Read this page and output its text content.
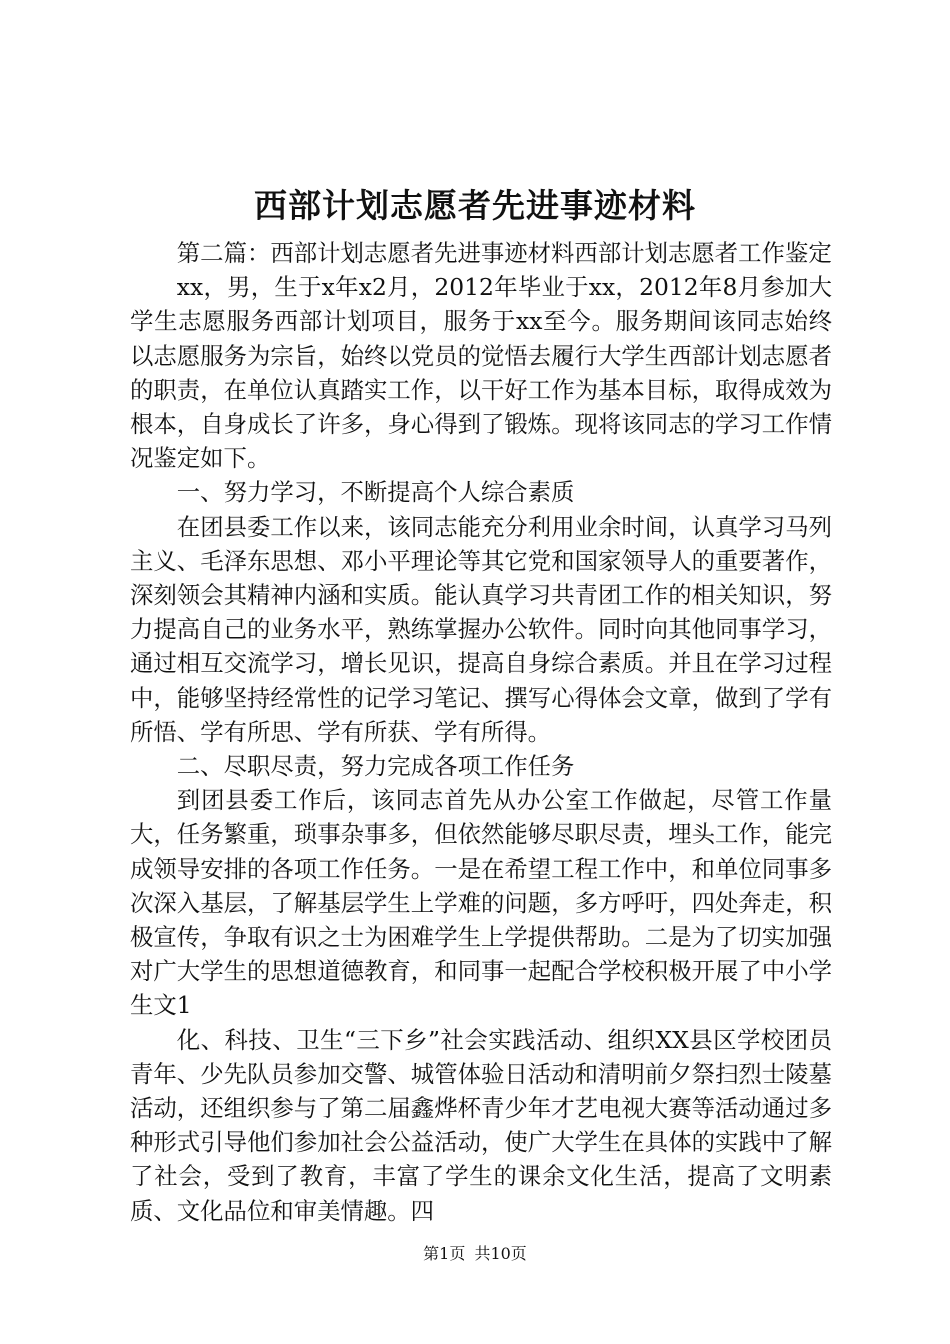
西部计划志愿者先进事迹材料

第二篇：西部计划志愿者先进事迹材料西部计划志愿者工作鉴定

xx，男，生于x年x2月，2012年毕业于xx，2012年8月参加大学生志愿服务西部计划项目，服务于xx至今。服务期间该同志始终以志愿服务为宗旨，始终以党员的觉悟去履行大学生西部计划志愿者的职责，在单位认真踏实工作，以干好工作为基本目标，取得成效为根本，自身成长了许多，身心得到了锻炼。现将该同志的学习工作情况鉴定如下。

一、努力学习，不断提高个人综合素质

在团县委工作以来，该同志能充分利用业余时间，认真学习马列主义、毛泽东思想、邓小平理论等其它党和国家领导人的重要著作，深刻领会其精神内涵和实质。能认真学习共青团工作的相关知识，努力提高自己的业务水平，熟练掌握办公软件。同时向其他同事学习，通过相互交流学习，增长见识，提高自身综合素质。并且在学习过程中，能够坚持经常性的记学习笔记、撰写心得体会文章，做到了学有所悟、学有所思、学有所获、学有所得。

二、尽职尽责，努力完成各项工作任务

到团县委工作后，该同志首先从办公室工作做起，尽管工作量大，任务繁重，琐事杂事多，但依然能够尽职尽责，埋头工作，能完成领导安排的各项工作任务。一是在希望工程工作中，和单位同事多次深入基层，了解基层学生上学难的问题，多方呼吁，四处奔走，积极宣传，争取有识之士为困难学生上学提供帮助。二是为了切实加强对广大学生的思想道德教育，和同事一起配合学校积极开展了中小学生文1

化、科技、卫生“三下乡”社会实践活动、组织XX县区学校团员青年、少先队员参加交警、城管体验日活动和清明前夕祭扫烈士陵墓活动，还组织参与了第二届鑫烨杯青少年才艺电视大赛等活动通过多种形式引导他们参加社会公益活动，使广大学生在具体的实践中了解了社会，受到了教育，丰富了学生的课余文化生活，提高了文明素质、文化品位和审美情趣。四

第1页 共10页
